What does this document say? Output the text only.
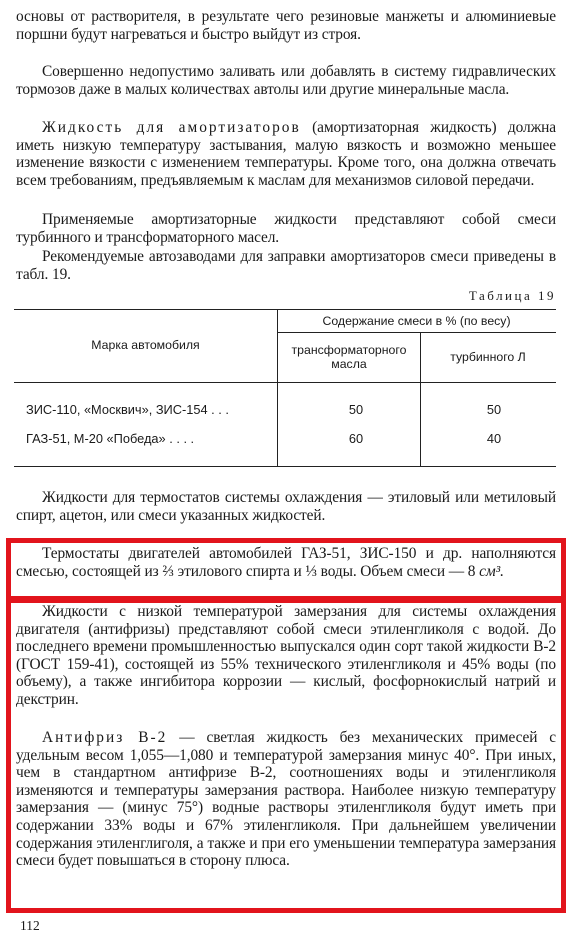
основы от растворителя, в результате чего резиновые манжеты и алюминиевые поршни будут нагреваться и быстро выйдут из строя.

Совершенно недопустимо заливать или добавлять в систему гидравлических тормозов даже в малых количествах автолы или другие минеральные масла.

Жидкость для амортизаторов (амортизаторная жидкость) должна иметь низкую температуру застывания, малую вязкость и возможно меньшее изменение вязкости с изменением температуры. Кроме того, она должна отвечать всем требованиям, предъявляемым к маслам для механизмов силовой передачи.

Применяемые амортизаторные жидкости представляют собой смеси турбинного и трансформаторного масел.

Рекомендуемые автозаводами для заправки амортизаторов смеси приведены в табл. 19.

Таблица 19
Марка автомобиля
Содержание смеси в % (по весу)
трансформаторного масла	турбинного Л
ЗИС-110, «Москвич», ЗИС-154 . . .	50	50
ГАЗ-51, М-20 «Победа» . . . .	60	40

Жидкости для термостатов системы охлаждения — этиловый или метиловый спирт, ацетон, или смеси указанных жидкостей.

Термостаты двигателей автомобилей ГАЗ-51, ЗИС-150 и др. наполняются смесью, состоящей из ⅔ этилового спирта и ⅓ воды. Объем смеси — 8 см³.

Жидкости с низкой температурой замерзания для системы охлаждения двигателя (антифризы) представляют собой смеси этиленгликоля с водой. До последнего времени промышленностью выпускался один сорт такой жидкости В-2 (ГОСТ 159-41), состоящей из 55% технического этиленгликоля и 45% воды (по объему), а также ингибитора коррозии — кислый, фосфорнокислый натрий и декстрин.

Антифриз В-2 — светлая жидкость без механических примесей с удельным весом 1,055—1,080 и температурой замерзания минус 40°. При иных, чем в стандартном антифризе В-2, соотношениях воды и этиленгликоля изменяются и температуры замерзания раствора. Наиболее низкую температуру замерзания — (минус 75°) водные растворы этиленгликоля будут иметь при содержании 33% воды и 67% этиленгликоля. При дальнейшем увеличении содержания этиленглиголя, а также и при его уменьшении температура замерзания смеси будет повышаться в сторону плюса.

112
